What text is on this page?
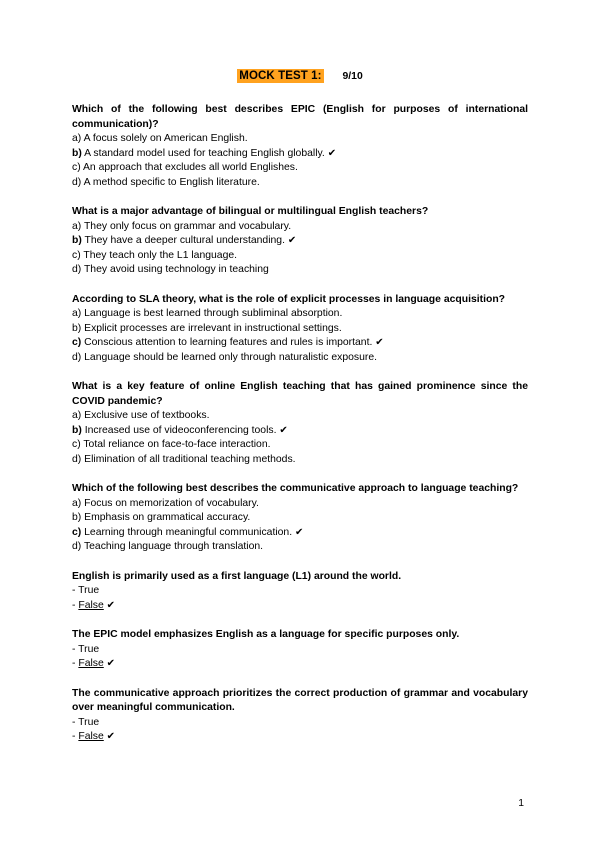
MOCK TEST 1: 9/10
Which of the following best describes EPIC (English for purposes of international communication)?
a) A focus solely on American English.
b) A standard model used for teaching English globally. ✔
c) An approach that excludes all world Englishes.
d) A method specific to English literature.
What is a major advantage of bilingual or multilingual English teachers?
a) They only focus on grammar and vocabulary.
b) They have a deeper cultural understanding. ✔
c) They teach only the L1 language.
d) They avoid using technology in teaching
According to SLA theory, what is the role of explicit processes in language acquisition?
a) Language is best learned through subliminal absorption.
b) Explicit processes are irrelevant in instructional settings.
c) Conscious attention to learning features and rules is important. ✔
d) Language should be learned only through naturalistic exposure.
What is a key feature of online English teaching that has gained prominence since the COVID pandemic?
a) Exclusive use of textbooks.
b) Increased use of videoconferencing tools. ✔
c) Total reliance on face-to-face interaction.
d) Elimination of all traditional teaching methods.
Which of the following best describes the communicative approach to language teaching?
a) Focus on memorization of vocabulary.
b) Emphasis on grammatical accuracy.
c) Learning through meaningful communication. ✔
d) Teaching language through translation.
English is primarily used as a first language (L1) around the world.
- True
- False ✔
The EPIC model emphasizes English as a language for specific purposes only.
- True
- False ✔
The communicative approach prioritizes the correct production of grammar and vocabulary over meaningful communication.
- True
- False ✔
1
